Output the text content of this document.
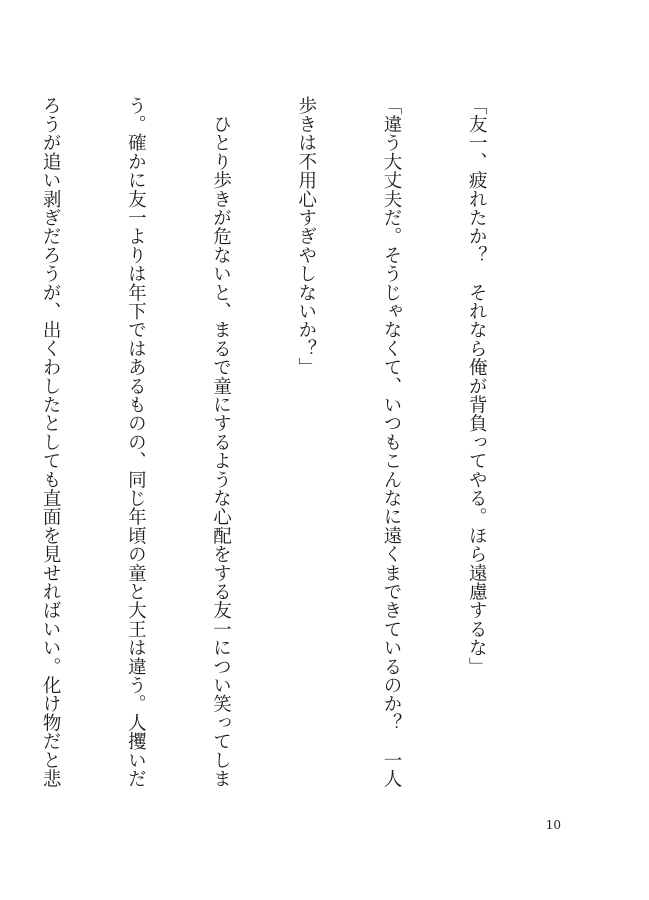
「友一、疲れたか？　それなら俺が背負ってやる。ほら遠慮するな」

「違う大丈夫だ。そうじゃなくて、いつもこんなに遠くまできているのか？　一人

歩きは不用心すぎやしないか？」

　ひとり歩きが危ないと、まるで童にするような心配をする友一につい笑ってしま

う。確かに友一よりは年下ではあるものの、同じ年頃の童と大王は違う。人攫いだ

ろうが追い剥ぎだろうが、出くわしたとしても直面を見せればいい。化け物だと悲

10
